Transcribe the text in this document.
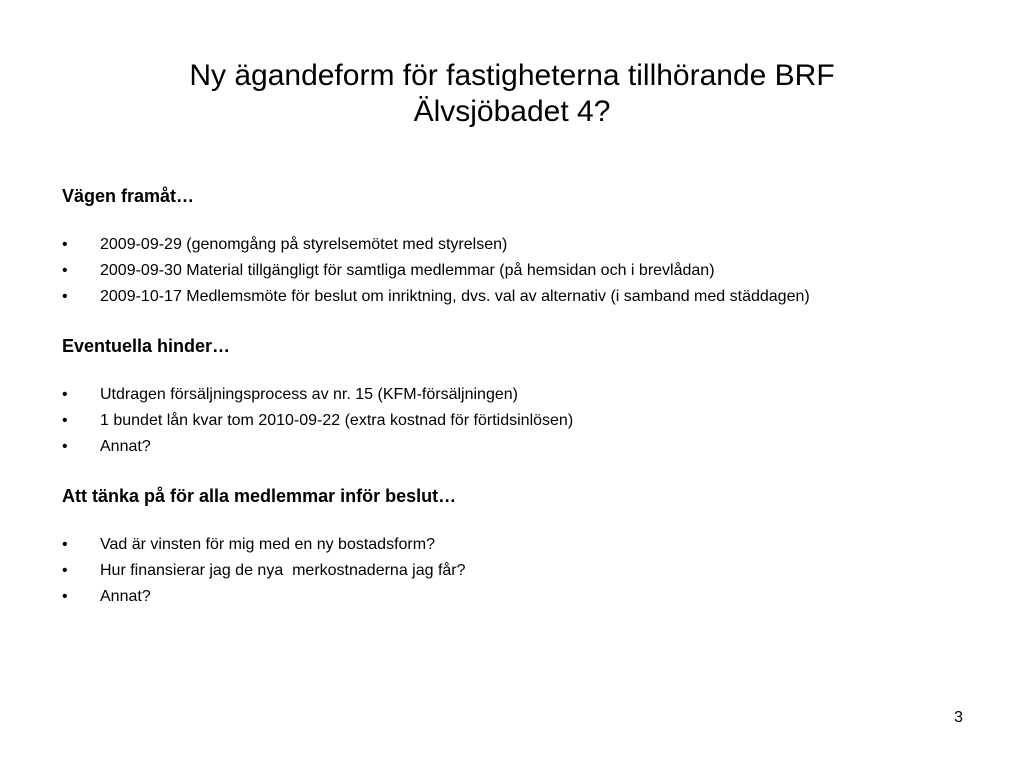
Ny ägandeform för fastigheterna tillhörande BRF
Älvsjöbadet 4?

Vägen framåt…

•	2009-09-29 (genomgång på styrelsemötet med styrelsen)
•	2009-09-30 Material tillgängligt för samtliga medlemmar (på hemsidan och i brevlådan)
•	2009-10-17 Medlemsmöte för beslut om inriktning, dvs. val av alternativ (i samband med städdagen)

Eventuella hinder…

•	Utdragen försäljningsprocess av nr. 15 (KFM-försäljningen)
•	1 bundet lån kvar tom 2010-09-22 (extra kostnad för förtidsinlösen)
•	Annat?

Att tänka på för alla medlemmar inför beslut…

•	Vad är vinsten för mig med en ny bostadsform?
•	Hur finansierar jag de nya  merkostnaderna jag får?
•	Annat?
3
